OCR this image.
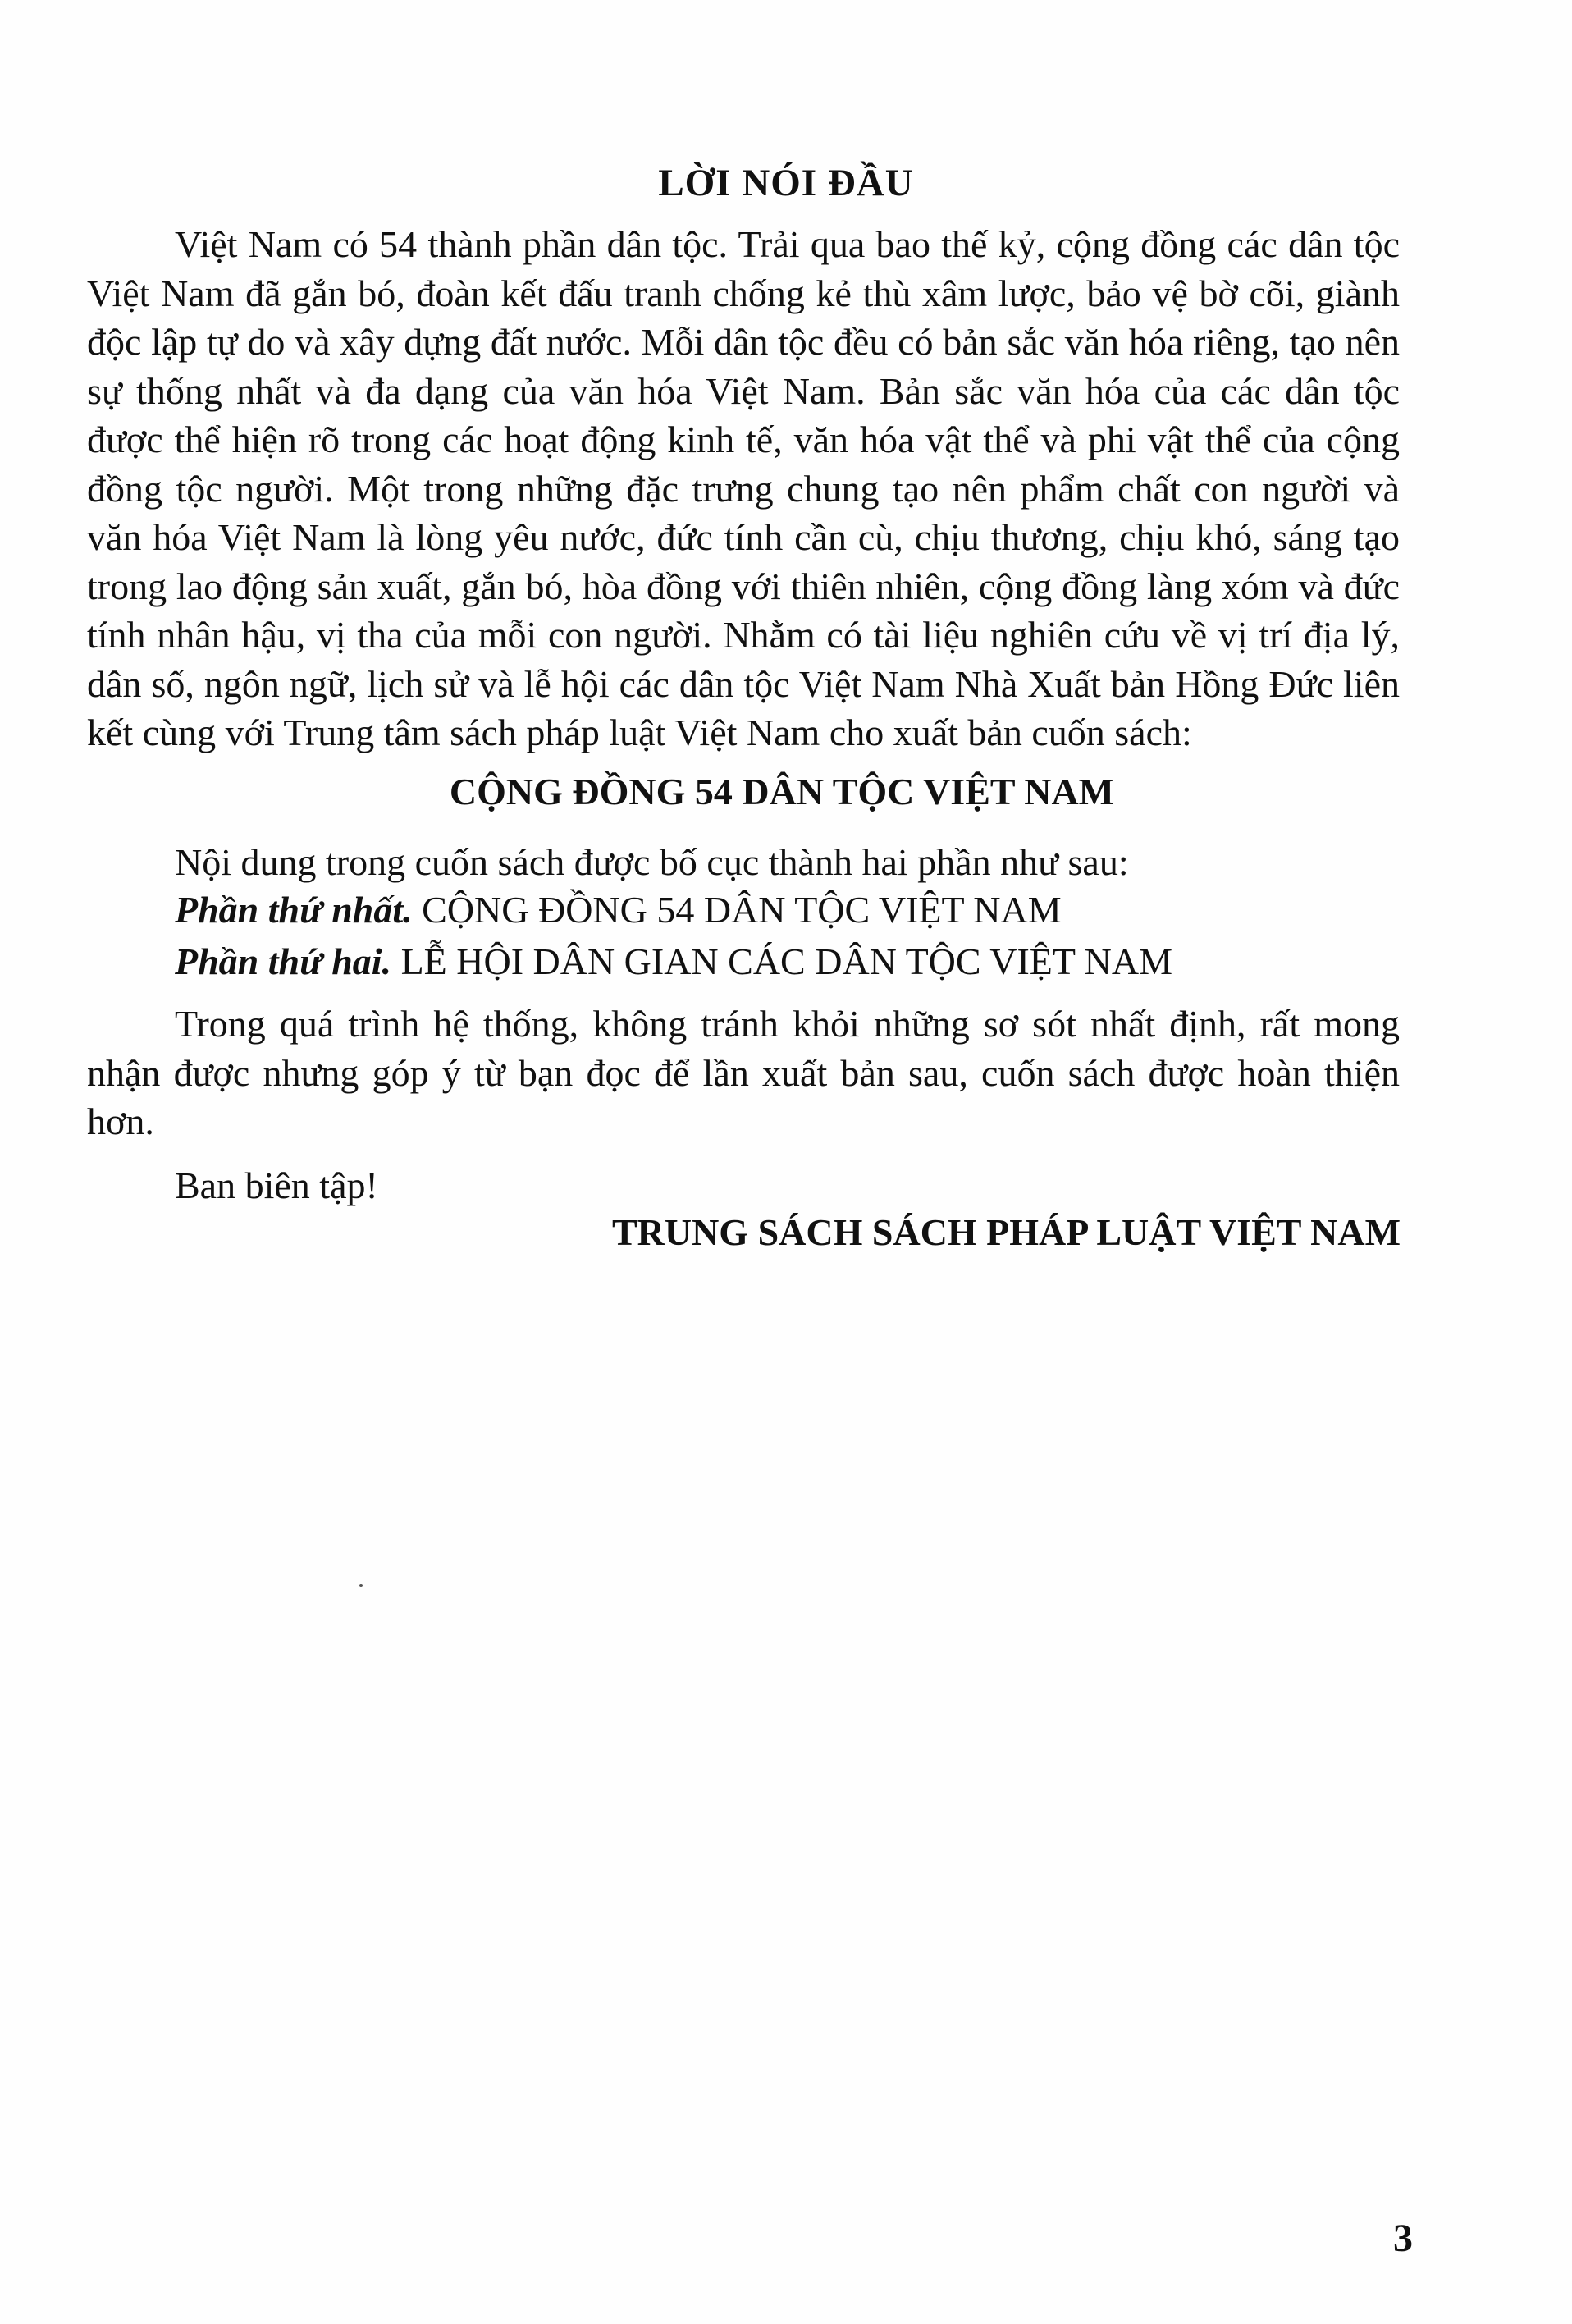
LỜI NÓI ĐẦU

Việt Nam có 54 thành phần dân tộc. Trải qua bao thế kỷ, cộng đồng các dân tộc Việt Nam đã gắn bó, đoàn kết đấu tranh chống kẻ thù xâm lược, bảo vệ bờ cõi, giành độc lập tự do và xây dựng đất nước. Mỗi dân tộc đều có bản sắc văn hóa riêng, tạo nên sự thống nhất và đa dạng của văn hóa Việt Nam. Bản sắc văn hóa của các dân tộc được thể hiện rõ trong các hoạt động kinh tế, văn hóa vật thể và phi vật thể của cộng đồng tộc người. Một trong những đặc trưng chung tạo nên phẩm chất con người và văn hóa Việt Nam là lòng yêu nước, đức tính cần cù, chịu thương, chịu khó, sáng tạo trong lao động sản xuất, gắn bó, hòa đồng với thiên nhiên, cộng đồng làng xóm và đức tính nhân hậu, vị tha của mỗi con người. Nhằm có tài liệu nghiên cứu về vị trí địa lý, dân số, ngôn ngữ, lịch sử và lễ hội các dân tộc Việt Nam Nhà Xuất bản Hồng Đức liên kết cùng với Trung tâm sách pháp luật Việt Nam cho xuất bản cuốn sách:

CỘNG ĐỒNG 54 DÂN TỘC VIỆT NAM

Nội dung trong cuốn sách được bố cục thành hai phần như sau:

Phần thứ nhất. CỘNG ĐỒNG 54 DÂN TỘC VIỆT NAM

Phần thứ hai. LỄ HỘI DÂN GIAN CÁC DÂN TỘC VIỆT NAM

Trong quá trình hệ thống, không tránh khỏi những sơ sót nhất định, rất mong nhận được nhưng góp ý từ bạn đọc để lần xuất bản sau, cuốn sách được hoàn thiện hơn.

Ban biên tập!

TRUNG SÁCH SÁCH PHÁP LUẬT VIỆT NAM

3
